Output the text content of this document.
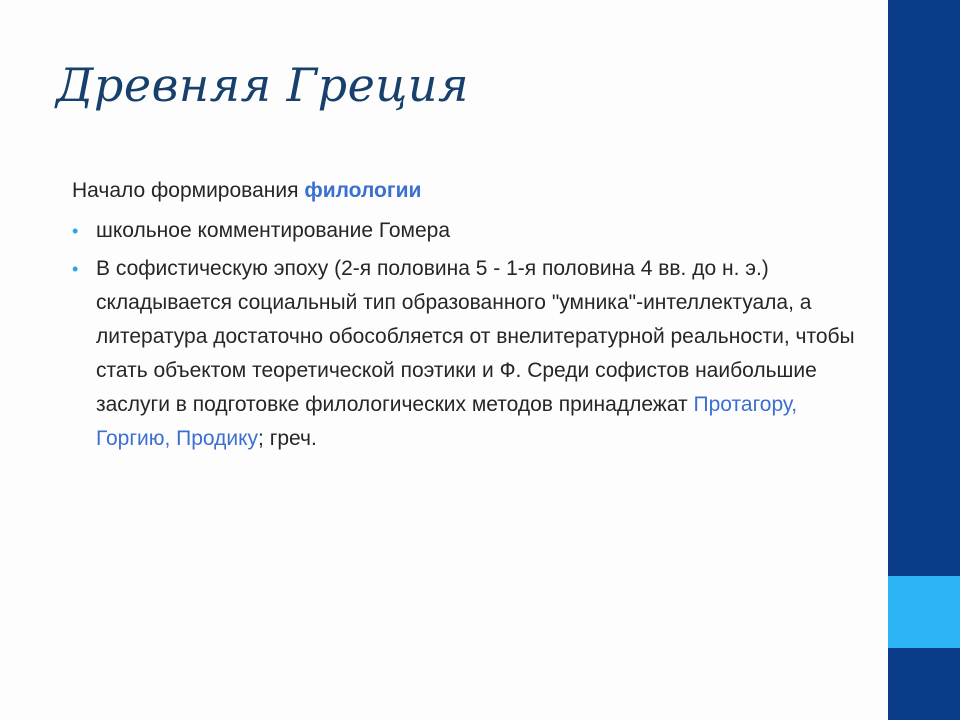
Древняя Греция

Начало формирования филологии

• школьное комментирование Гомера
• В софистическую эпоху (2-я половина 5 - 1-я половина 4 вв. до н. э.) складывается социальный тип образованного "умника"-интеллектуала, а литература достаточно обособляется от внелитературной реальности, чтобы стать объектом теоретической поэтики и Ф. Среди софистов наибольшие заслуги в подготовке филологических методов принадлежат Протагору, Горгию, Продику; греч.
